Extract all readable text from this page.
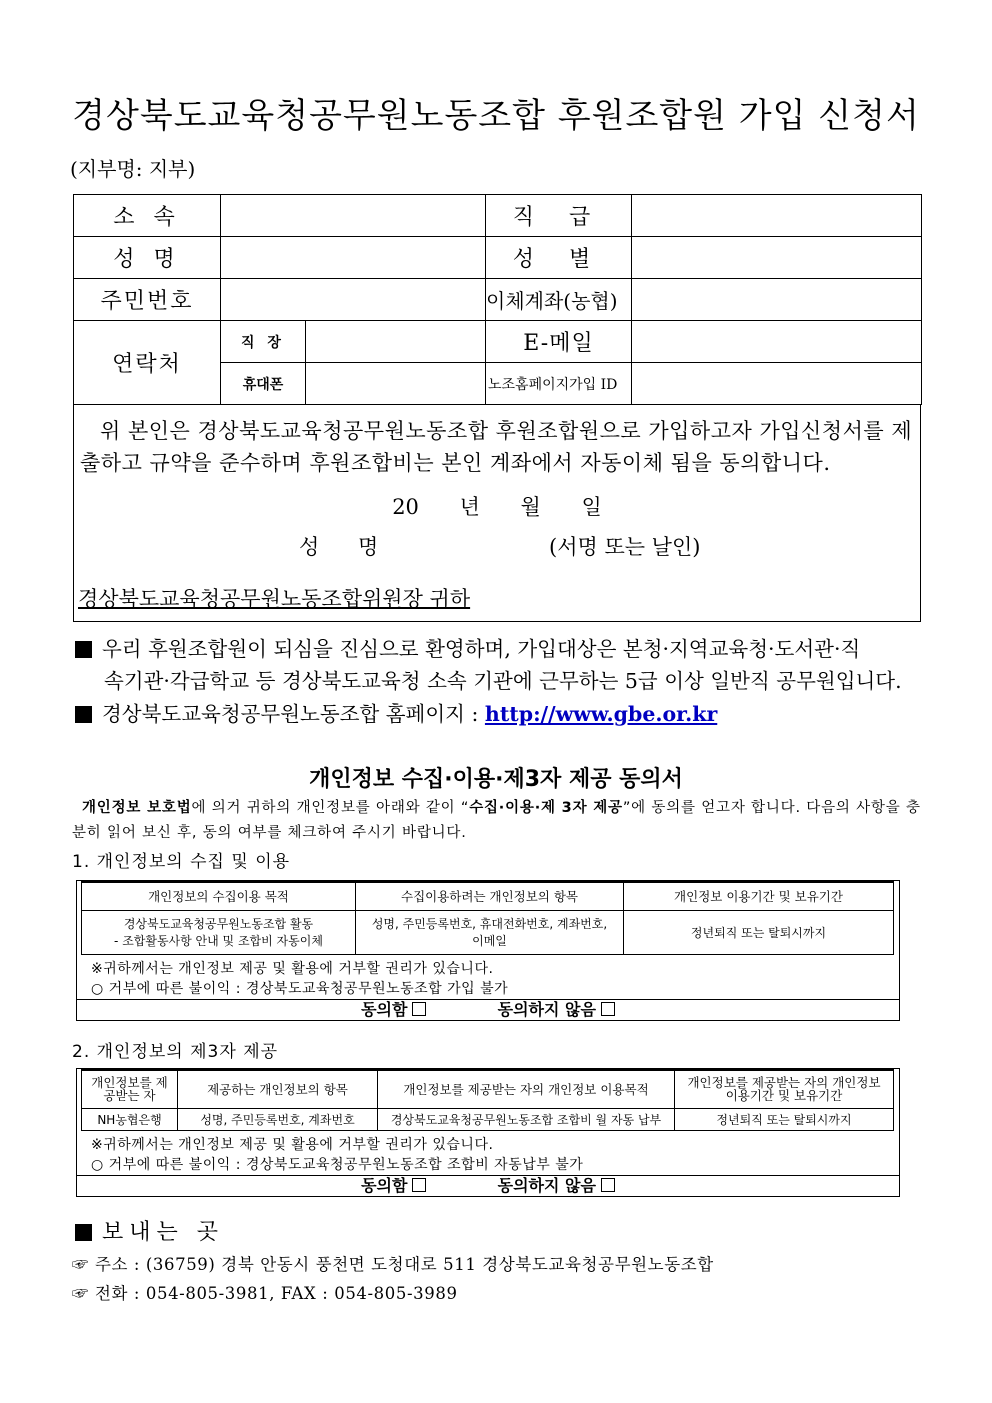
경상북도교육청공무원노동조합 후원조합원 가입 신청서
(지부명: 지부)
소 속			직 급	
성 명			성 별	
주민번호			이체계좌(농협)	
연락처	직 장		E-메일	
	휴대폰		노조홈페이지가입 ID	
위 본인은 경상북도교육청공무원노동조합 후원조합원으로 가입하고자 가입신청서를 제출하고 규약을 준수하며 후원조합비는 본인 계좌에서 자동이체 됨을 동의합니다.
20 년 월 일
성 명	(서명 또는 날인)
경상북도교육청공무원노동조합위원장 귀하
우리 후원조합원이 되심을 진심으로 환영하며, 가입대상은 본청·지역교육청·도서관·직
속기관·각급학교 등 경상북도교육청 소속 기관에 근무하는 5급 이상 일반직 공무원입니다.
경상북도교육청공무원노동조합 홈페이지 : http://www.gbe.or.kr
개인정보 수집·이용·제3자 제공 동의서
개인정보 보호법에 의거 귀하의 개인정보를 아래와 같이 “수집·이용·제 3자 제공”에 동의를 얻고자 합니다. 다음의 사항을 충분히 읽어 보신 후, 동의 여부를 체크하여 주시기 바랍니다.
1. 개인정보의 수집 및 이용
개인정보의 수집이용 목적	수집이용하려는 개인정보의 항목	개인정보 이용기간 및 보유기간

경상북도교육청공무원노동조합 활동
- 조합활동사항 안내 및 조합비 자동이체	성명, 주민등록번호, 휴대전화번호, 계좌번호, 이메일	정년퇴직 또는 탈퇴시까지
※귀하께서는 개인정보 제공 및 활용에 거부할 권리가 있습니다.
○ 거부에 따른 불이익 : 경상북도교육청공무원노동조합 가입 불가
동의함	동의하지 않음
2. 개인정보의 제3자 제공
개인정보를 제공받는 자	제공하는 개인정보의 항목	개인정보를 제공받는 자의 개인정보 이용목적	개인정보를 제공받는 자의 개인정보 이용기간 및 보유기간
NH농협은행	성명, 주민등록번호, 계좌번호	경상북도교육청공무원노동조합 조합비 월 자동 납부	정년퇴직 또는 탈퇴시까지
※귀하께서는 개인정보 제공 및 활용에 거부할 권리가 있습니다.
○ 거부에 따른 불이익 : 경상북도교육청공무원노동조합 조합비 자동납부 불가
동의함	동의하지 않음
보내는 곳
☞ 주소 : (36759) 경북 안동시 풍천면 도청대로 511 경상북도교육청공무원노동조합
☞ 전화 : 054-805-3981, FAX : 054-805-3989
